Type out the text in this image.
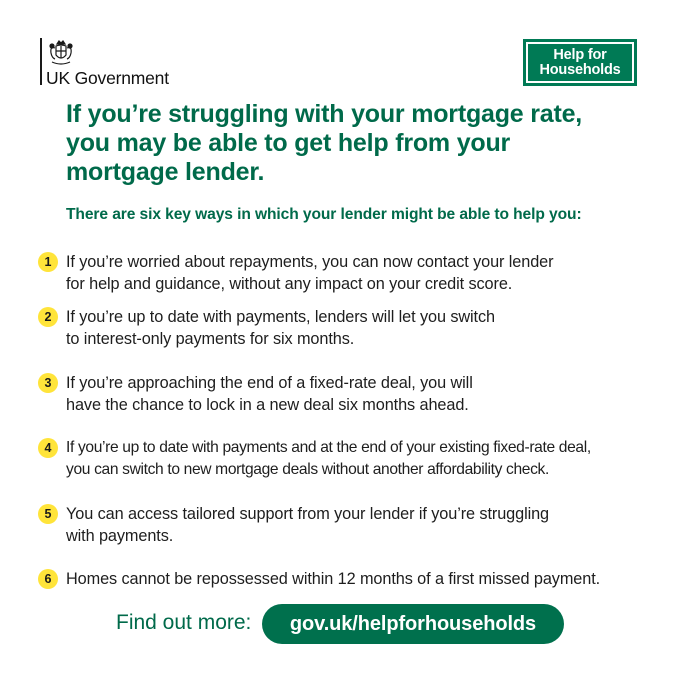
UK Government
Help for
Households
If you’re struggling with your mortgage rate, you may be able to get help from your mortgage lender.

There are six key ways in which your lender might be able to help you:

1 If you’re worried about repayments, you can now contact your lender
for help and guidance, without any impact on your credit score.
2 If you’re up to date with payments, lenders will let you switch
to interest-only payments for six months.
3 If you’re approaching the end of a fixed-rate deal, you will
have the chance to lock in a new deal six months ahead.
4 If you’re up to date with payments and at the end of your existing fixed-rate deal,
you can switch to new mortgage deals without another affordability check.
5 You can access tailored support from your lender if you’re struggling
with payments.
6 Homes cannot be repossessed within 12 months of a first missed payment.
Find out more:	gov.uk/helpforhouseholds
